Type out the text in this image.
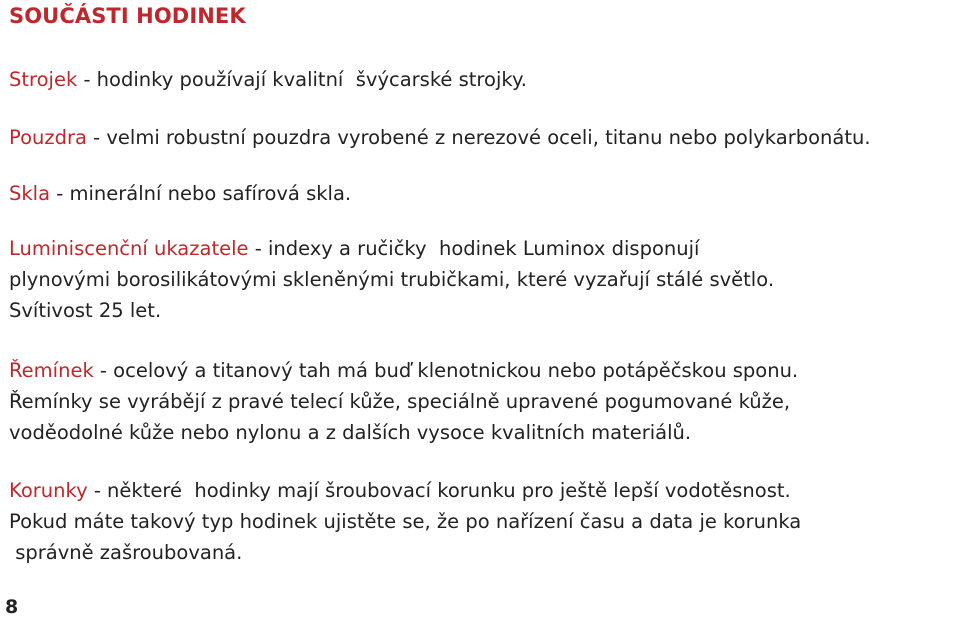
SOUČÁSTI HODINEK

Strojek - hodinky používají kvalitní  švýcarské strojky.

Pouzdra - velmi robustní pouzdra vyrobené z nerezové oceli, titanu nebo polykarbonátu.

Skla - minerální nebo safírová skla.

Luminiscenční ukazatele - indexy a ručičky  hodinek Luminox disponují
plynovými borosilikátovými skleněnými trubičkami, které vyzařují stálé světlo.
Svítivost 25 let.

Řemínek - ocelový a titanový tah má buď klenotnickou nebo potápěčskou sponu.
Řemínky se vyrábějí z pravé telecí kůže, speciálně upravené pogumované kůže,
voděodolné kůže nebo nylonu a z dalších vysoce kvalitních materiálů.

Korunky - některé  hodinky mají šroubovací korunku pro ještě lepší vodotěsnost.
Pokud máte takový typ hodinek ujistěte se, že po nařízení času a data je korunka
správně zašroubovaná.

8
